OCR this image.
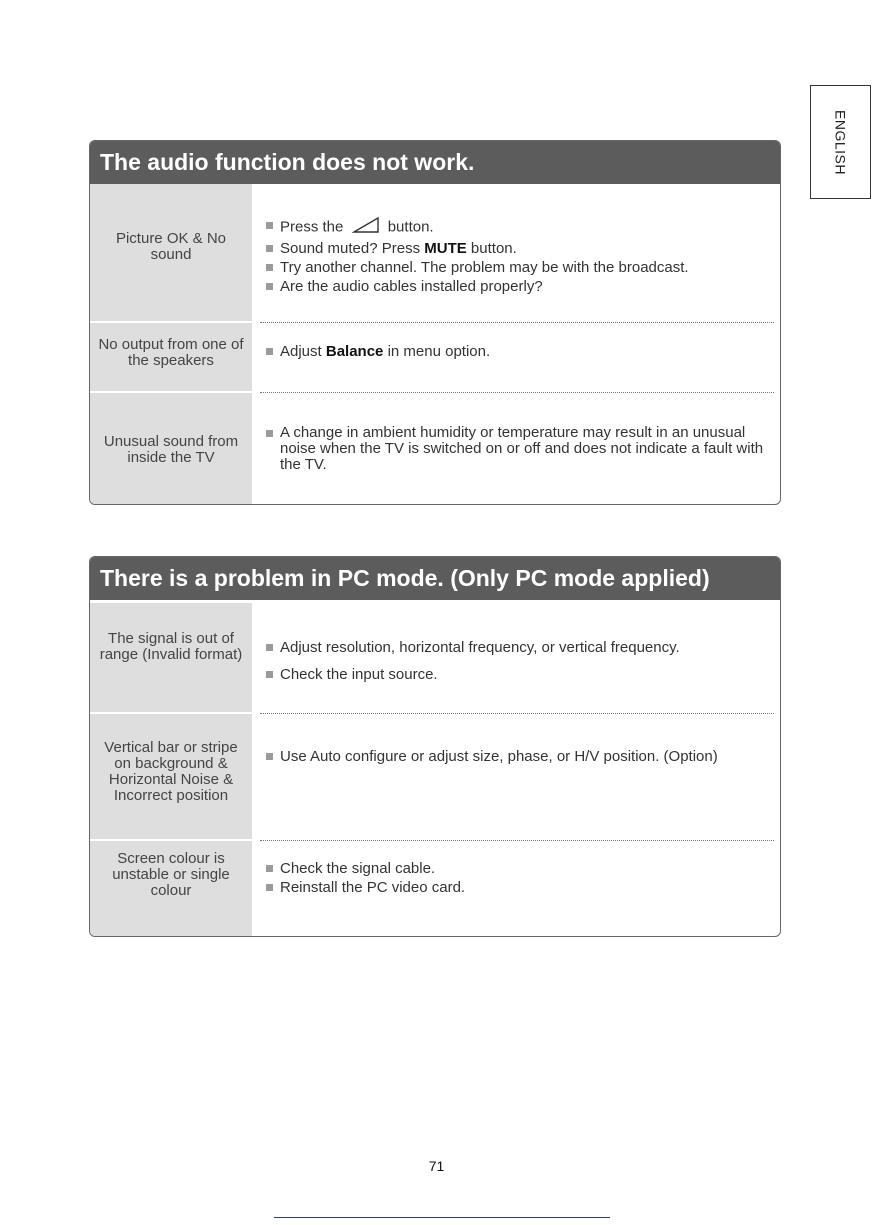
ENGLISH
The audio function does not work.
Picture OK & No sound
Press the	button.
Sound muted? Press MUTE button.
Try another channel. The problem may be with the broadcast.
Are the audio cables installed properly?
No output from one of the speakers
Adjust Balance in menu option.
Unusual sound from inside the TV
A change in ambient humidity or temperature may result in an unusual noise when the TV is switched on or off and does not indicate a fault with the TV.
There is a problem in PC mode. (Only PC mode applied)
The signal is out of range (Invalid format)	Adjust resolution, horizontal frequency, or vertical frequency.
Check the input source.
Vertical bar or stripe on background & Horizontal Noise & Incorrect position
Use Auto configure or adjust size, phase, or H/V position. (Option)
Screen colour is unstable or single colour
Check the signal cable.
Reinstall the PC video card.
71
